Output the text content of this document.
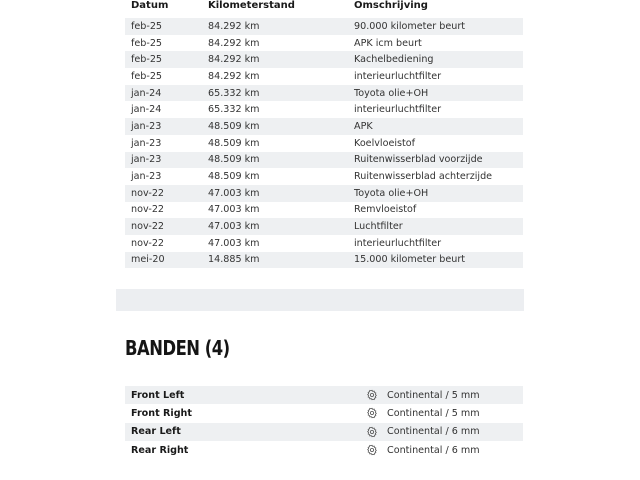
Datum	Kilometerstand	Omschrijving
feb-25	84.292 km	90.000 kilometer beurt
feb-25	84.292 km	APK icm beurt
feb-25	84.292 km	Kachelbediening
feb-25	84.292 km	interieurluchtfilter
jan-24	65.332 km	Toyota olie+OH
jan-24	65.332 km	interieurluchtfilter
jan-23	48.509 km	APK
jan-23	48.509 km	Koelvloeistof
jan-23	48.509 km	Ruitenwisserblad voorzijde
jan-23	48.509 km	Ruitenwisserblad achterzijde
nov-22	47.003 km	Toyota olie+OH
nov-22	47.003 km	Remvloeistof
nov-22	47.003 km	Luchtfilter
nov-22	47.003 km	interieurluchtfilter
mei-20	14.885 km	15.000 kilometer beurt
BANDEN (4)
Front Left	Continental / 5 mm
Front Right	Continental / 5 mm
Rear Left	Continental / 6 mm
Rear Right	Continental / 6 mm
